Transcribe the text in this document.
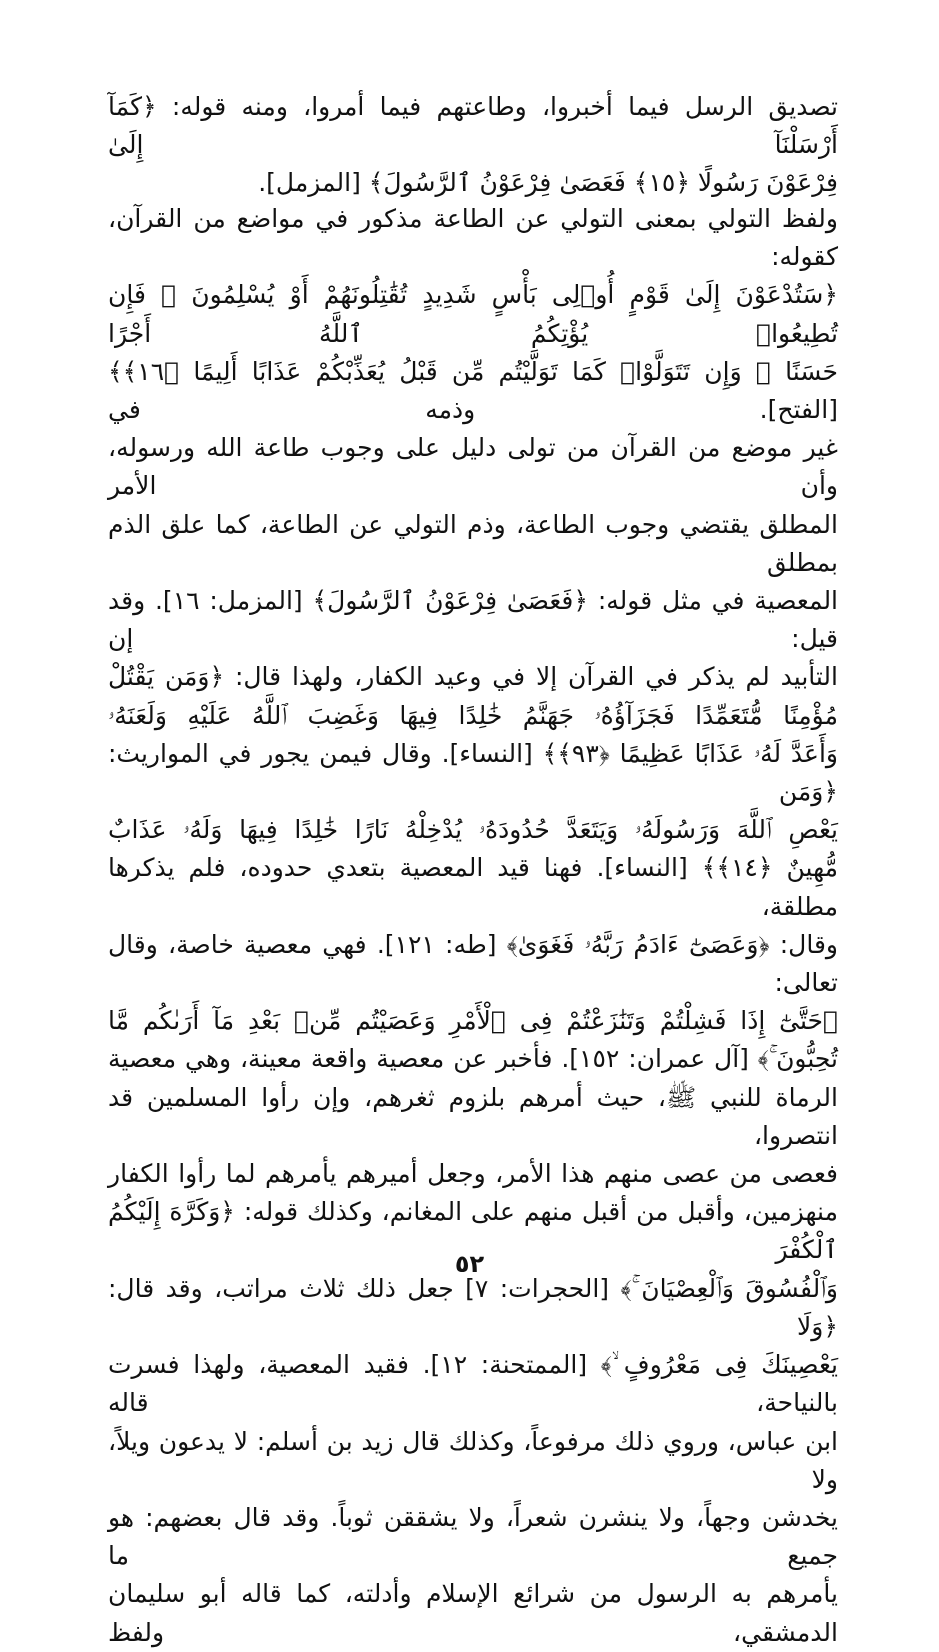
تصديق الرسل فيما أخبروا، وطاعتهم فيما أمروا، ومنه قوله: ﴿كَمَآ أَرْسَلْنَآ إِلَىٰ
فِرْعَوْنَ رَسُولًا ﴿١٥﴾ فَعَصَىٰ فِرْعَوْنُ ٱلرَّسُولَ﴾ [المزمل].
ولفظ التولي بمعنى التولي عن الطاعة مذكور في مواضع من القرآن، كقوله:
﴿سَتُدْعَوْنَ إِلَىٰ قَوْمٍ أُو۟لِى بَأْسٍ شَدِيدٍ تُقَٰتِلُونَهُمْ أَوْ يُسْلِمُونَ ۖ فَإِن تُطِيعُوا۟ يُؤْتِكُمُ ٱللَّهُ أَجْرًا
حَسَنًا ۖ وَإِن تَتَوَلَّوْا۟ كَمَا تَوَلَّيْتُم مِّن قَبْلُ يُعَذِّبْكُمْ عَذَابًا أَلِيمًا ﴿١٦﴾﴾ [الفتح]. وذمه في
غير موضع من القرآن من تولى دليل على وجوب طاعة الله ورسوله، وأن الأمر
المطلق يقتضي وجوب الطاعة، وذم التولي عن الطاعة، كما علق الذم بمطلق
المعصية في مثل قوله: ﴿فَعَصَىٰ فِرْعَوْنُ ٱلرَّسُولَ﴾ [المزمل: ١٦]. وقد قيل: إن
التأبيد لم يذكر في القرآن إلا في وعيد الكفار، ولهذا قال: ﴿وَمَن يَقْتُلْ
مُؤْمِنًا مُّتَعَمِّدًا فَجَزَآؤُهُۥ جَهَنَّمُ خَٰلِدًا فِيهَا وَغَضِبَ ٱللَّهُ عَلَيْهِ وَلَعَنَهُۥ
وَأَعَدَّ لَهُۥ عَذَابًا عَظِيمًا ﴿٩٣﴾﴾ [النساء]. وقال فيمن يجور في المواريث: ﴿وَمَن
يَعْصِ ٱللَّهَ وَرَسُولَهُۥ وَيَتَعَدَّ حُدُودَهُۥ يُدْخِلْهُ نَارًا خَٰلِدًا فِيهَا وَلَهُۥ عَذَابٌ
مُّهِينٌ ﴿١٤﴾﴾ [النساء]. فهنا قيد المعصية بتعدي حدوده، فلم يذكرها مطلقة،
وقال: ﴿وَعَصَىٰٓ ءَادَمُ رَبَّهُۥ فَغَوَىٰ﴾ [طه: ١٢١]. فهي معصية خاصة، وقال تعالى:
﴿حَتَّىٰٓ إِذَا فَشِلْتُمْ وَتَنَٰزَعْتُمْ فِى ٱلْأَمْرِ وَعَصَيْتُم مِّنۢ بَعْدِ مَآ أَرَىٰكُم مَّا
تُحِبُّونَ ۚ﴾ [آل عمران: ١٥٢]. فأخبر عن معصية واقعة معينة، وهي معصية
الرماة للنبي ﷺ، حيث أمرهم بلزوم ثغرهم، وإن رأوا المسلمين قد انتصروا،
فعصى من عصى منهم هذا الأمر، وجعل أميرهم يأمرهم لما رأوا الكفار
منهزمين، وأقبل من أقبل منهم على المغانم، وكذلك قوله: ﴿وَكَرَّهَ إِلَيْكُمُ ٱلْكُفْرَ
وَٱلْفُسُوقَ وَٱلْعِصْيَانَ ۚ﴾ [الحجرات: ٧] جعل ذلك ثلاث مراتب، وقد قال: ﴿وَلَا
يَعْصِينَكَ فِى مَعْرُوفٍ ۙ﴾ [الممتحنة: ١٢]. فقيد المعصية، ولهذا فسرت بالنياحة، قاله
ابن عباس، وروي ذلك مرفوعاً، وكذلك قال زيد بن أسلم: لا يدعون ويلاً، ولا
يخدشن وجهاً، ولا ينشرن شعراً، ولا يشققن ثوباً. وقد قال بعضهم: هو جميع ما
يأمرهم به الرسول من شرائع الإسلام وأدلته، كما قاله أبو سليمان الدمشقي، ولفظ
٥٢
